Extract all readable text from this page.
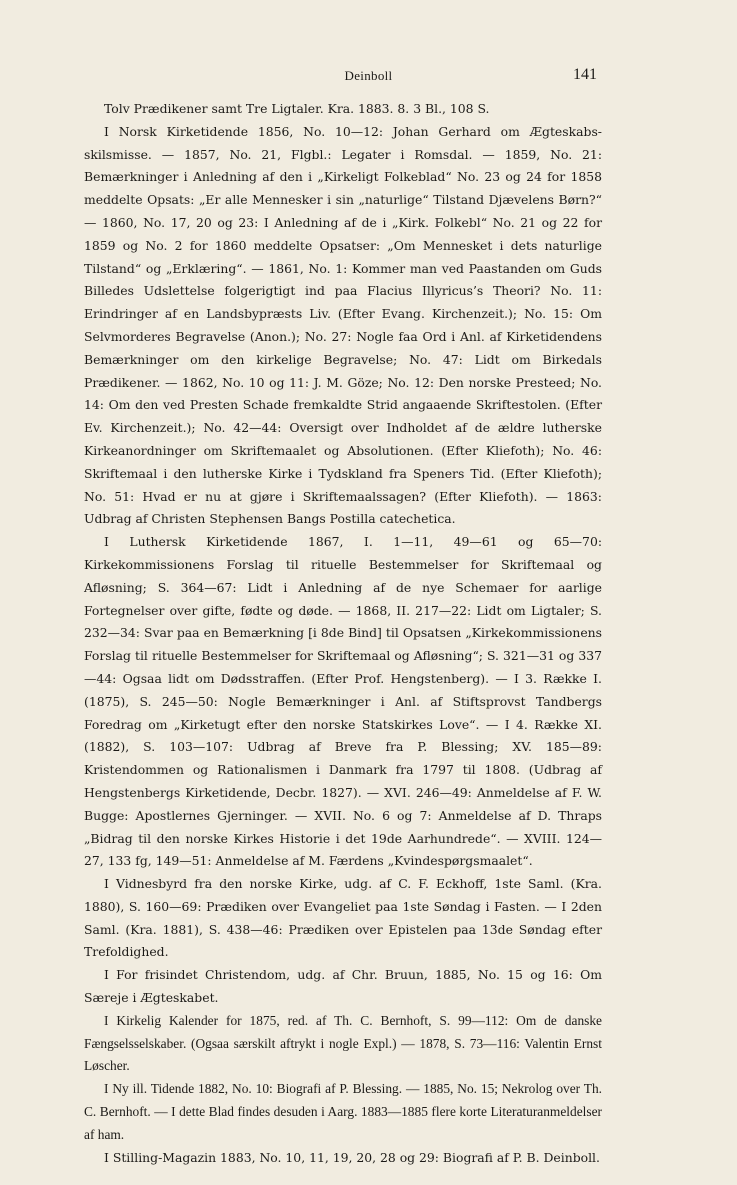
Deinboll	141

Tolv Prædikener samt Tre Ligtaler. Kra. 1883. 8. 3 Bl., 108 S.

I Norsk Kirketidende 1856, No. 10—12: Johan Gerhard om Ægteskabs-skilsmisse. — 1857, No. 21, Flgbl.: Legater i Romsdal. — 1859, No. 21: Bemærkninger i Anledning af den i „Kirkeligt Folkeblad“ No. 23 og 24 for 1858 meddelte Opsats: „Er alle Mennesker i sin „naturlige“ Tilstand Djævelens Børn?“ — 1860, No. 17, 20 og 23: I Anledning af de i „Kirk. Folkebl“ No. 21 og 22 for 1859 og No. 2 for 1860 meddelte Opsatser: „Om Mennesket i dets naturlige Tilstand“ og „Erklæring“. — 1861, No. 1: Kommer man ved Paastanden om Guds Billedes Udslettelse folgerigtigt ind paa Flacius Illyricus’s Theori? No. 11: Erindringer af en Landsbypræsts Liv. (Efter Evang. Kirchenzeit.); No. 15: Om Selvmorderes Begravelse (Anon.); No. 27: Nogle faa Ord i Anl. af Kirketidendens Bemærkninger om den kirkelige Begravelse; No. 47: Lidt om Birkedals Prædikener. — 1862, No. 10 og 11: J. M. Göze; No. 12: Den norske Presteed; No. 14: Om den ved Presten Schade fremkaldte Strid angaaende Skriftestolen. (Efter Ev. Kirchenzeit.); No. 42—44: Oversigt over Indholdet af de ældre lutherske Kirkeanordninger om Skriftemaalet og Absolutionen. (Efter Kliefoth); No. 46: Skriftemaal i den lutherske Kirke i Tydskland fra Speners Tid. (Efter Kliefoth); No. 51: Hvad er nu at gjøre i Skriftemaalssagen? (Efter Kliefoth). — 1863: Udbrag af Christen Stephensen Bangs Postilla catechetica.

I Luthersk Kirketidende 1867, I. 1—11, 49—61 og 65—70: Kirkekommissionens Forslag til rituelle Bestemmelser for Skriftemaal og Afløsning; S. 364—67: Lidt i Anledning af de nye Schemaer for aarlige Fortegnelser over gifte, fødte og døde. — 1868, II. 217—22: Lidt om Ligtaler; S. 232—34: Svar paa en Bemærkning [i 8de Bind] til Opsatsen „Kirkekommissionens Forslag til rituelle Bestemmelser for Skriftemaal og Afløsning“; S. 321—31 og 337—44: Ogsaa lidt om Dødsstraffen. (Efter Prof. Hengstenberg). — I 3. Række I. (1875), S. 245—50: Nogle Bemærkninger i Anl. af Stiftsprovst Tandbergs Foredrag om „Kirketugt efter den norske Statskirkes Love“. — I 4. Række XI. (1882), S. 103—107: Udbrag af Breve fra P. Blessing; XV. 185—89: Kristendommen og Rationalismen i Danmark fra 1797 til 1808. (Udbrag af Hengstenbergs Kirketidende, Decbr. 1827). — XVI. 246—49: Anmeldelse af F. W. Bugge: Apostlernes Gjerninger. — XVII. No. 6 og 7: Anmeldelse af D. Thraps „Bidrag til den norske Kirkes Historie i det 19de Aarhundrede“. — XVIII. 124—27, 133 fg, 149—51: Anmeldelse af M. Færdens „Kvindespørgsmaalet“.

I Vidnesbyrd fra den norske Kirke, udg. af C. F. Eckhoff, 1ste Saml. (Kra. 1880), S. 160—69: Prædiken over Evangeliet paa 1ste Søndag i Fasten. — I 2den Saml. (Kra. 1881), S. 438—46: Prædiken over Epistelen paa 13de Søndag efter Trefoldighed.

I For frisindet Christendom, udg. af Chr. Bruun, 1885, No. 15 og 16: Om Særeje i Ægteskabet.

I Kirkelig Kalender for 1875, red. af Th. C. Bernhoft, S. 99—112: Om de danske Fængselsselskaber. (Ogsaa særskilt aftrykt i nogle Expl.) — 1878, S. 73—116: Valentin Ernst Løscher.

I Ny ill. Tidende 1882, No. 10: Biografi af P. Blessing. — 1885, No. 15; Nekrolog over Th. C. Bernhoft. — I dette Blad findes desuden i Aarg. 1883—1885 flere korte Literaturanmeldelser af ham.

I Stilling-Magazin 1883, No. 10, 11, 19, 20, 28 og 29: Biografi af P. B. Deinboll.
